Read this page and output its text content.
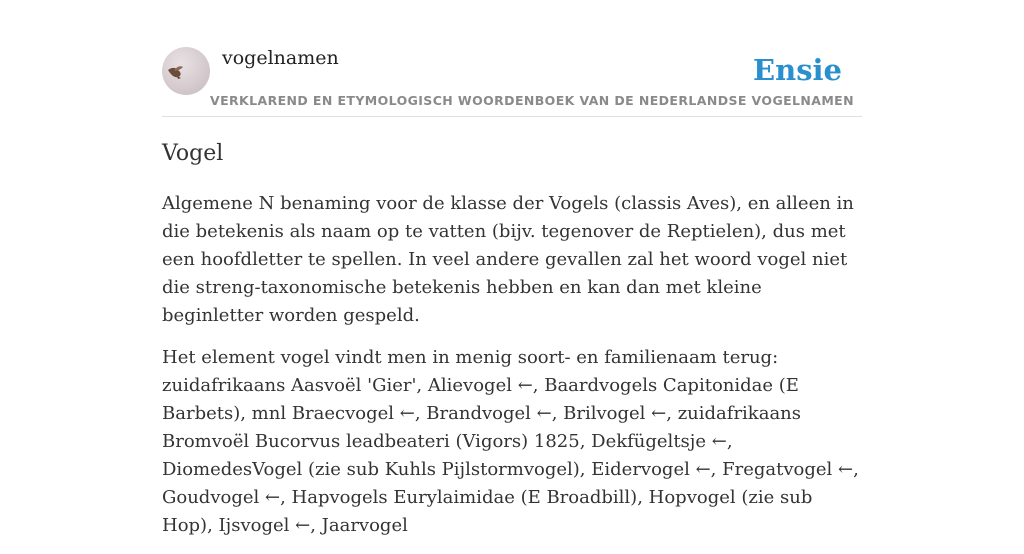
vogelnamen	Ensie
VERKLAREND EN ETYMOLOGISCH WOORDENBOEK VAN DE NEDERLANDSE VOGELNAMEN
Vogel

Algemene N benaming voor de klasse der Vogels (classis Aves), en alleen in die betekenis als naam op te vatten (bijv. tegenover de Reptielen), dus met een hoofdletter te spellen. In veel andere gevallen zal het woord vogel niet die streng-taxonomische betekenis hebben en kan dan met kleine beginletter worden gespeld.

Het element vogel vindt men in menig soort- en familienaam terug: zuidafrikaans Aasvoël 'Gier', Alievogel ←, Baardvogels Capitonidae (E Barbets), mnl Braecvogel ←, Brandvogel ←, Brilvogel ←, zuidafrikaans Bromvoël Bucorvus leadbeateri (Vigors) 1825, Dekfügeltsje ←, DiomedesVogel (zie sub Kuhls Pijlstormvogel), Eidervogel ←, Fregatvogel ←, Goudvogel ←, Hapvogels Eurylaimidae (E Broadbill), Hopvogel (zie sub Hop), Ijsvogel ←, Jaarvogel
